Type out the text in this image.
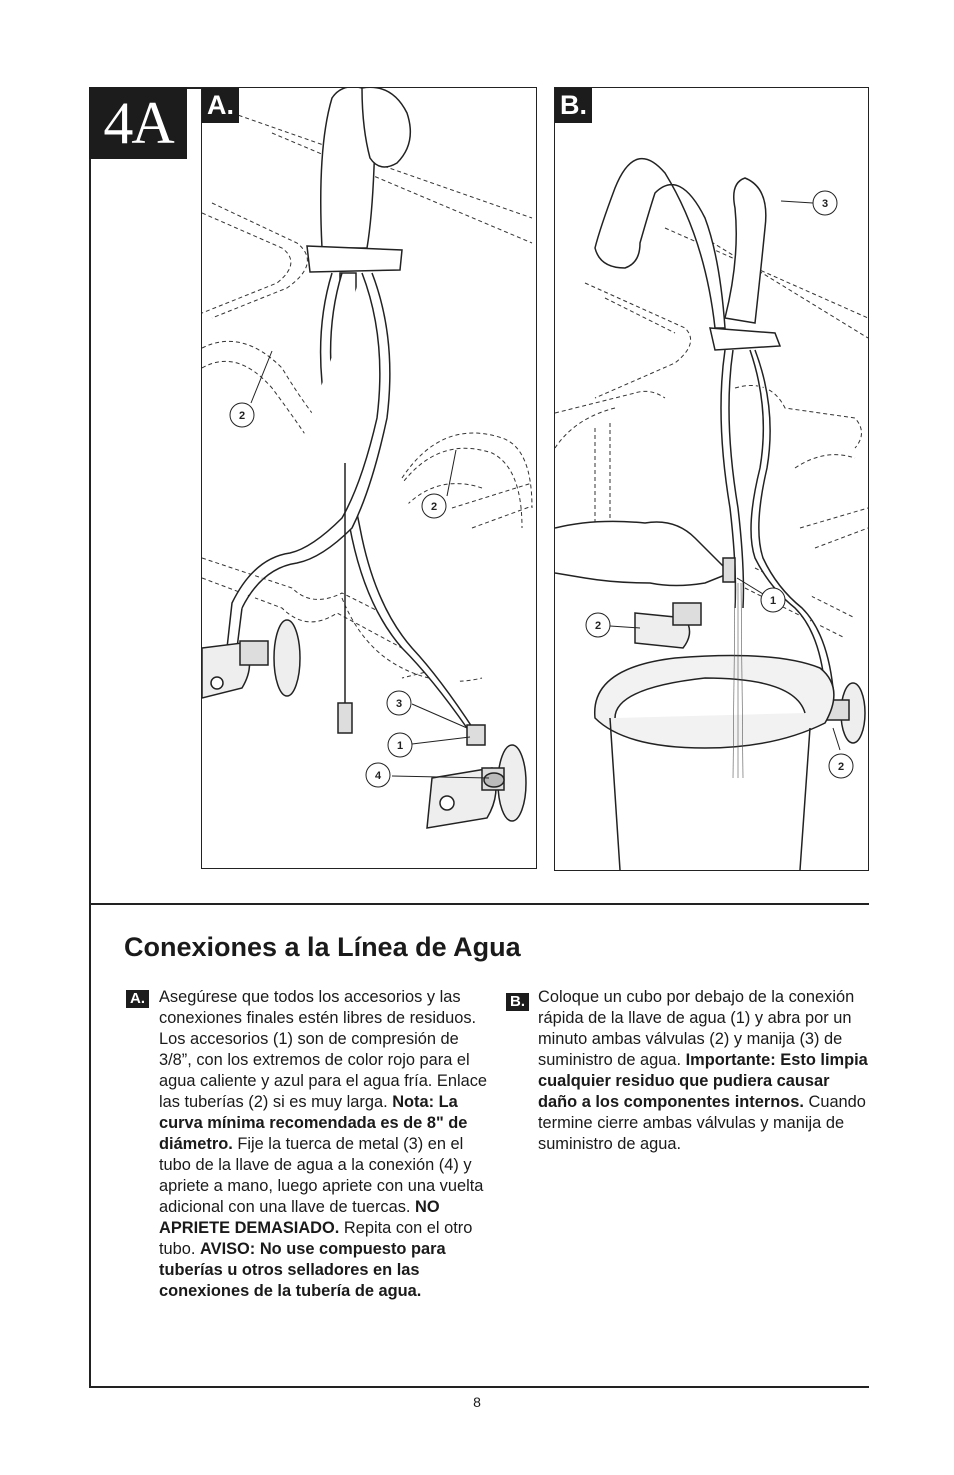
4A
2
2
3
1
4
A.
3
1
2
2
B.
Conexiones a la Línea de Agua
A. Asegúrese que todos los accesorios y las conexiones finales estén libres de residuos. Los accesorios (1) son de compresión de 3/8”, con los extremos de color rojo para el agua caliente y azul para el agua fría. Enlace las tuberías (2) si es muy larga. Nota: La curva mínima recomendada es de 8" de diámetro. Fije la tuerca de metal (3) en el tubo de la llave de agua a la conexión (4) y apriete a mano, luego apriete con una vuelta adicional con una llave de tuercas. NO APRIETE DEMASIADO. Repita con el otro tubo. AVISO: No use compuesto para tuberías u otros selladores en las conexiones de la tubería de agua.

B. Coloque un cubo por debajo de la conexión rápida de la llave de agua (1) y abra por un minuto ambas válvulas (2) y manija (3) de suministro de agua. Importante: Esto limpia cualquier residuo que pudiera causar daño a los componentes internos. Cuando termine cierre ambas válvulas y manija de suministro de agua.

8
